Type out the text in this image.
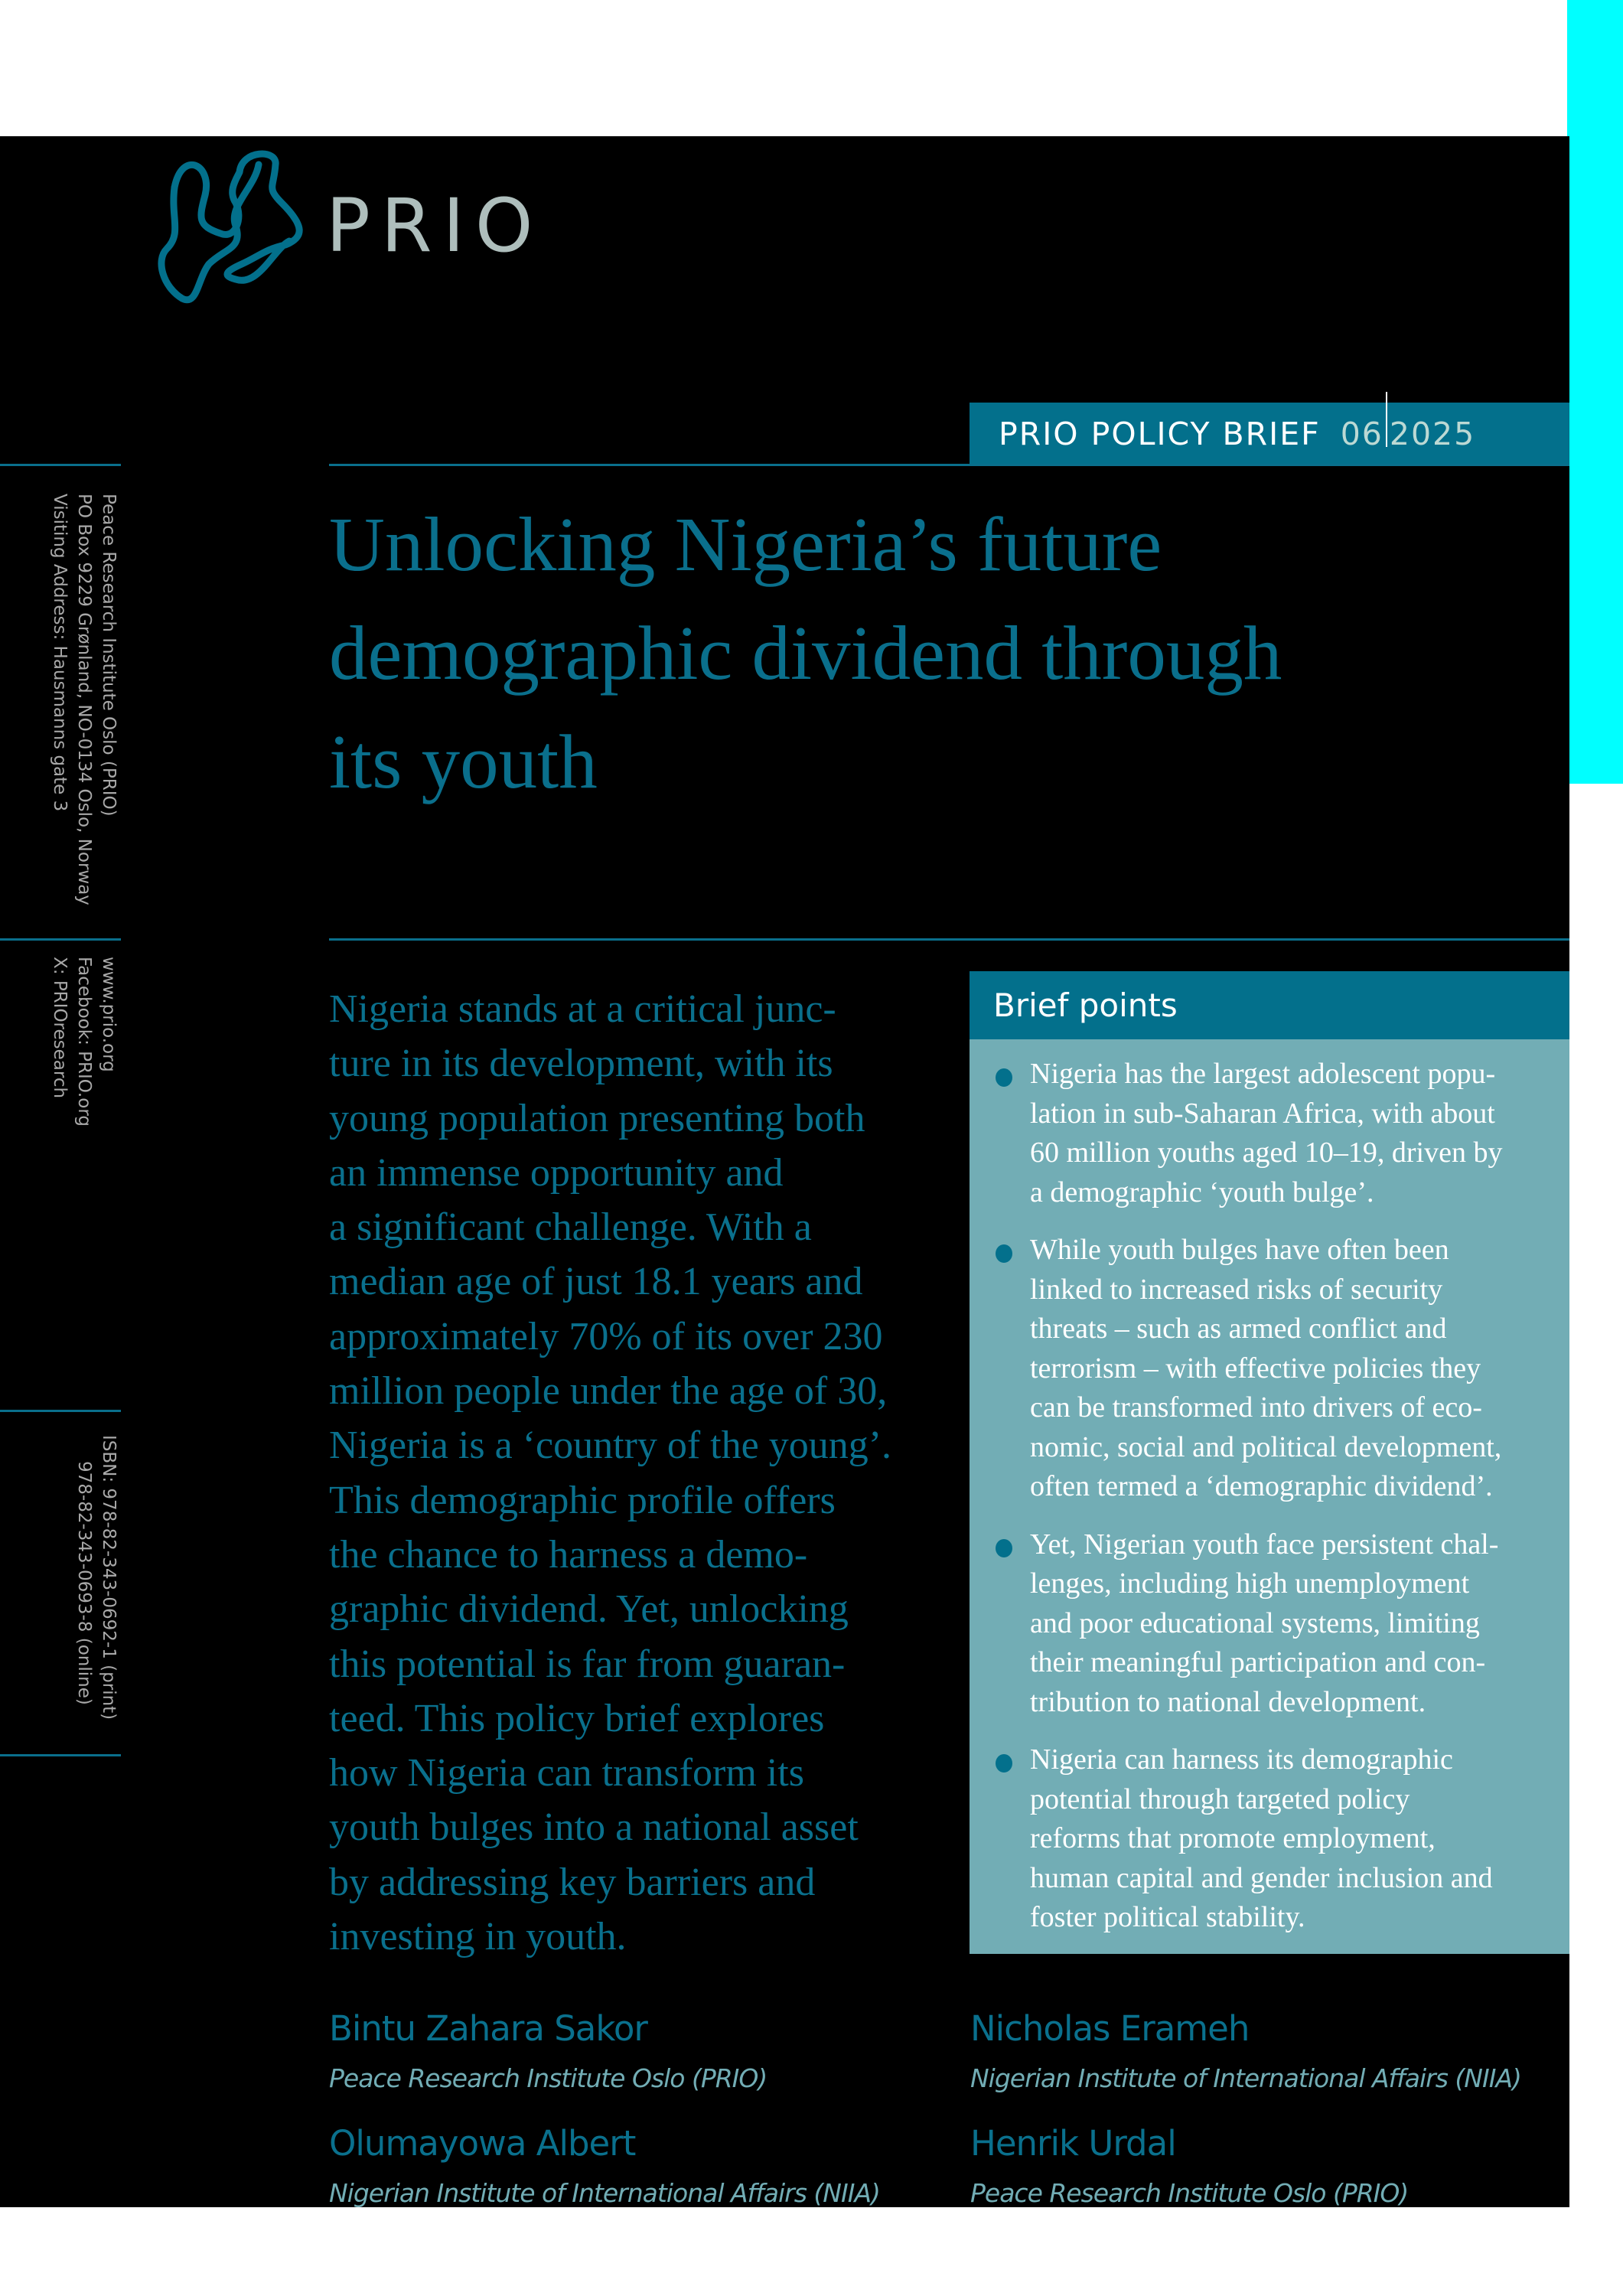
PRIO
PRIO POLICY BRIEF 06 2025
Peace Research Institute Oslo (PRIO)
PO Box 9229 Grønland, NO-0134 Oslo, Norway
Visiting Address: Hausmanns gate 3
www.prio.org
Facebook: PRIO.org
X: PRIOresearch
ISBN: 978-82-343-0692-1 (print)
978-82-343-0693-8 (online)
Unlocking Nigeria’s future
demographic dividend through
its youth
Nigeria stands at a critical junc-
ture in its development, with its
young population presenting both
an immense opportunity and
a significant challenge. With a
median age of just 18.1 years and
approximately 70% of its over 230
million people under the age of 30,
Nigeria is a ‘country of the young’.
This demographic profile offers
the chance to harness a demo-
graphic dividend. Yet, unlocking
this potential is far from guaran-
teed. This policy brief explores
how Nigeria can transform its
youth bulges into a national asset
by addressing key barriers and
investing in youth.
Brief points
Nigeria has the largest adolescent popu-
lation in sub-Saharan Africa, with about
60 million youths aged 10–19, driven by
a demographic ‘youth bulge’.
While youth bulges have often been
linked to increased risks of security
threats – such as armed conflict and
terrorism – with effective policies they
can be transformed into drivers of eco-
nomic, social and political development,
often termed a ‘demographic dividend’.
Yet, Nigerian youth face persistent chal-
lenges, including high unemployment
and poor educational systems, limiting
their meaningful participation and con-
tribution to national development.
Nigeria can harness its demographic
potential through targeted policy
reforms that promote employment,
human capital and gender inclusion and
foster political stability.
Bintu Zahara Sakor
Peace Research Institute Oslo (PRIO)
Nicholas Erameh
Nigerian Institute of International Affairs (NIIA)
Olumayowa Albert
Nigerian Institute of International Affairs (NIIA)
Henrik Urdal
Peace Research Institute Oslo (PRIO)
